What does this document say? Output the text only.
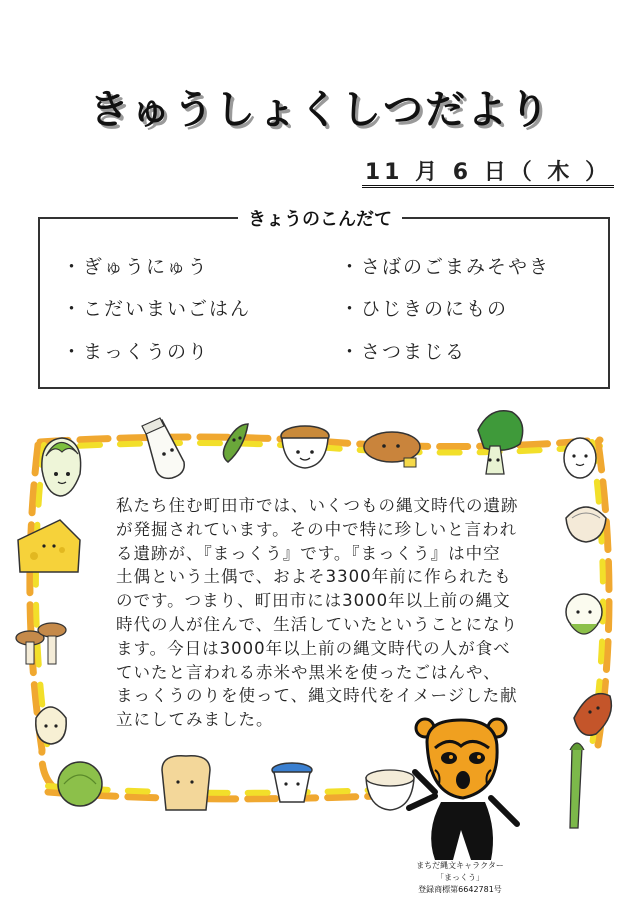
きゅうしょくしつだより
11 月 6 日（ 木 ）
きょうのこんだて
・ぎゅうにゅう
・こだいまいごはん
・まっくうのり
・さばのごまみそやき
・ひじきのにもの
・さつまじる
私たち住む町田市では、いくつもの縄文時代の遺跡
が発掘されています。その中で特に珍しいと言われ
る遺跡が、『まっくう』です。『まっくう』は中空
土偶という土偶で、およそ3300年前に作られたも
のです。つまり、町田市には3000年以上前の縄文
時代の人が住んで、生活していたということになり
ます。今日は3000年以上前の縄文時代の人が食べ
ていたと言われる赤米や黒米を使ったごはんや、
まっくうのりを使って、縄文時代をイメージした献
立にしてみました。
まちだ縄文キャラクター
「まっくう」
登録商標第6642781号
